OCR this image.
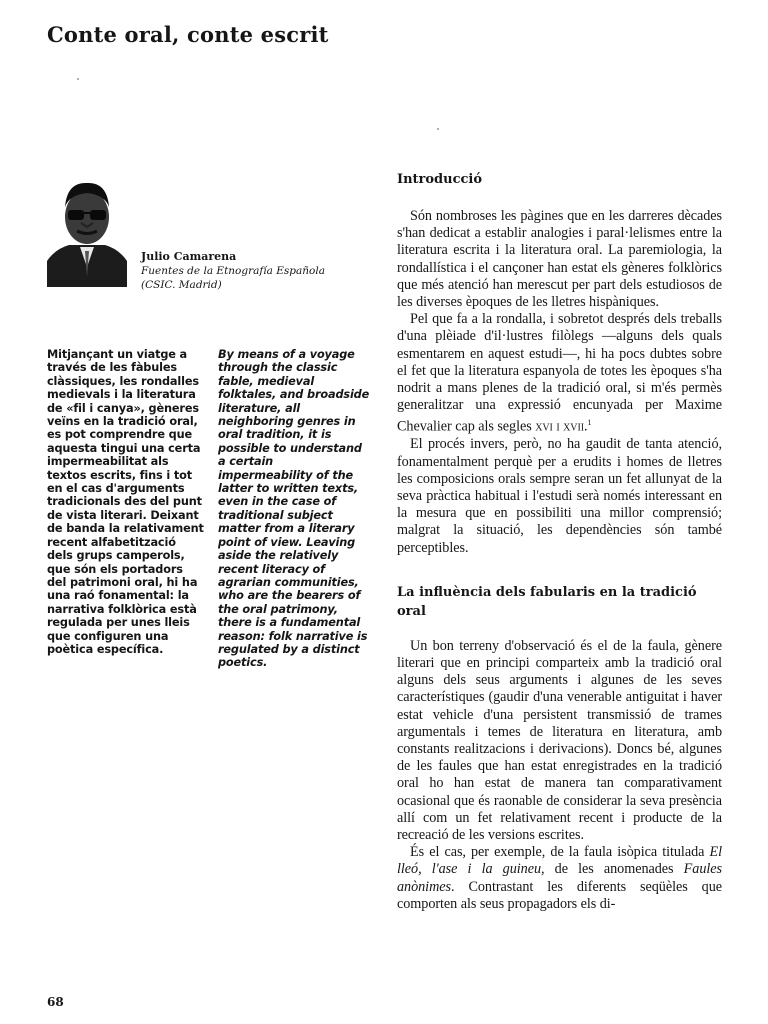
Conte oral, conte escrit
Julio Camarena
Fuentes de la Etnografía Española
(CSIC. Madrid)

Mitjançant un viatge a través de les fàbules clàssiques, les rondalles medievals i la literatura de «fil i canya», gèneres veïns en la tradició oral, es pot comprendre que aquesta tingui una certa impermeabilitat als textos escrits, fins i tot en el cas d'arguments tradicionals des del punt de vista literari. Deixant de banda la relativament recent alfabetització dels grups camperols, que són els portadors del patrimoni oral, hi ha una raó fonamental: la narrativa folklòrica està regulada per unes lleis que configuren una poètica específica.

By means of a voyage through the classic fable, medieval folktales, and broadside literature, all neighboring genres in oral tradition, it is possible to understand a certain impermeability of the latter to written texts, even in the case of traditional subject matter from a literary point of view. Leaving aside the relatively recent literacy of agrarian communities, who are the bearers of the oral patrimony, there is a fundamental reason: folk narrative is regulated by a distinct poetics.

Introducció

Són nombroses les pàgines que en les darreres dècades s'han dedicat a establir analogies i paral·lelismes entre la literatura escrita i la literatura oral. La paremiologia, la rondallística i el cançoner han estat els gèneres folklòrics que més atenció han merescut per part dels estudiosos de les diverses èpoques de les lletres hispàniques.

Pel que fa a la rondalla, i sobretot després dels treballs d'una plèiade d'il·lustres filòlegs —alguns dels quals esmentarem en aquest estudi—, hi ha pocs dubtes sobre el fet que la literatura espanyola de totes les èpoques s'ha nodrit a mans plenes de la tradició oral, si m'és permès generalitzar una expressió encunyada per Maxime Chevalier cap als segles xvi i xvii.$^1$

El procés invers, però, no ha gaudit de tanta atenció, fonamentalment perquè per a erudits i homes de lletres les composicions orals sempre seran un fet allunyat de la seva pràctica habitual i l'estudi serà només interessant en la mesura que en possibiliti una millor comprensió; malgrat la situació, les dependències són també perceptibles.

La influència dels fabularis en la tradició oral

Un bon terreny d'observació és el de la faula, gènere literari que en principi comparteix amb la tradició oral alguns dels seus arguments i algunes de les seves característiques (gaudir d'una venerable antiguitat i haver estat vehicle d'una persistent transmissió de trames argumentals i temes de literatura en literatura, amb constants realitzacions i derivacions). Doncs bé, algunes de les faules que han estat enregistrades en la tradició oral ho han estat de manera tan comparativament ocasional que és raonable de considerar la seva presència allí com un fet relativament recent i producte de la recreació de les versions escrites.

És el cas, per exemple, de la faula isòpica titulada El lleó, l'ase i la guineu, de les anomenades Faules anònimes. Contrastant les diferents seqüèles que comporten als seus propagadors els di-

68
